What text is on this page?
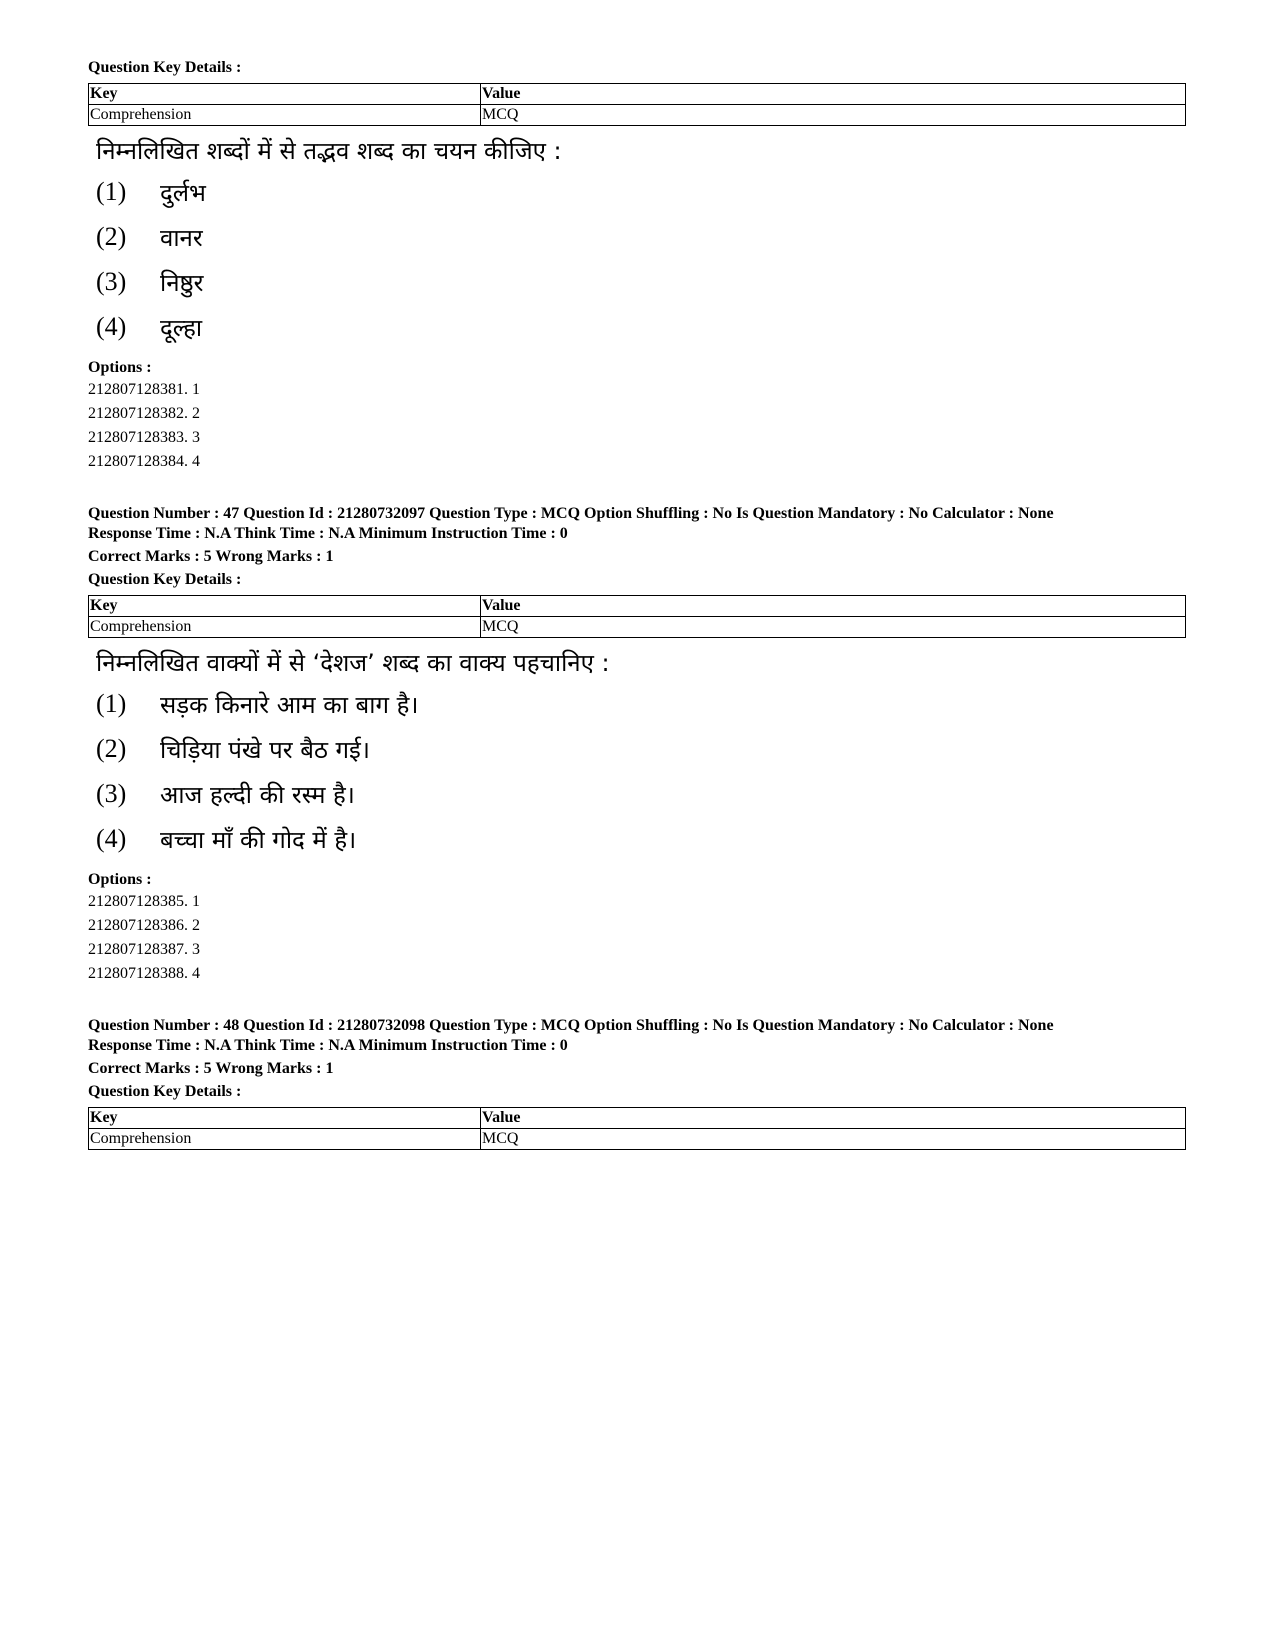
Question Key Details :

Key	Value
Comprehension	MCQ
निम्नलिखित शब्दों में से तद्भव शब्द का चयन कीजिए :
(1)	दुर्लभ
(2)	वानर
(3)	निष्ठुर
(4)	दूल्हा

Options :

212807128381. 1
212807128382. 2
212807128383. 3
212807128384. 4
Question Number : 47 Question Id : 21280732097 Question Type : MCQ Option Shuffling : No Is Question Mandatory : No Calculator : None
Response Time : N.A Think Time : N.A Minimum Instruction Time : 0
Correct Marks : 5 Wrong Marks : 1

Question Key Details :

Key	Value
Comprehension	MCQ
निम्नलिखित वाक्यों में से ‘देशज’ शब्द का वाक्य पहचानिए :
(1)	सड़क किनारे आम का बाग है।
(2)	चिड़िया पंखे पर बैठ गई।
(3)	आज हल्दी की रस्म है।
(4)	बच्चा माँ की गोद में है।

Options :

212807128385. 1
212807128386. 2
212807128387. 3
212807128388. 4
Question Number : 48 Question Id : 21280732098 Question Type : MCQ Option Shuffling : No Is Question Mandatory : No Calculator : None
Response Time : N.A Think Time : N.A Minimum Instruction Time : 0
Correct Marks : 5 Wrong Marks : 1

Question Key Details :

Key	Value
Comprehension	MCQ
